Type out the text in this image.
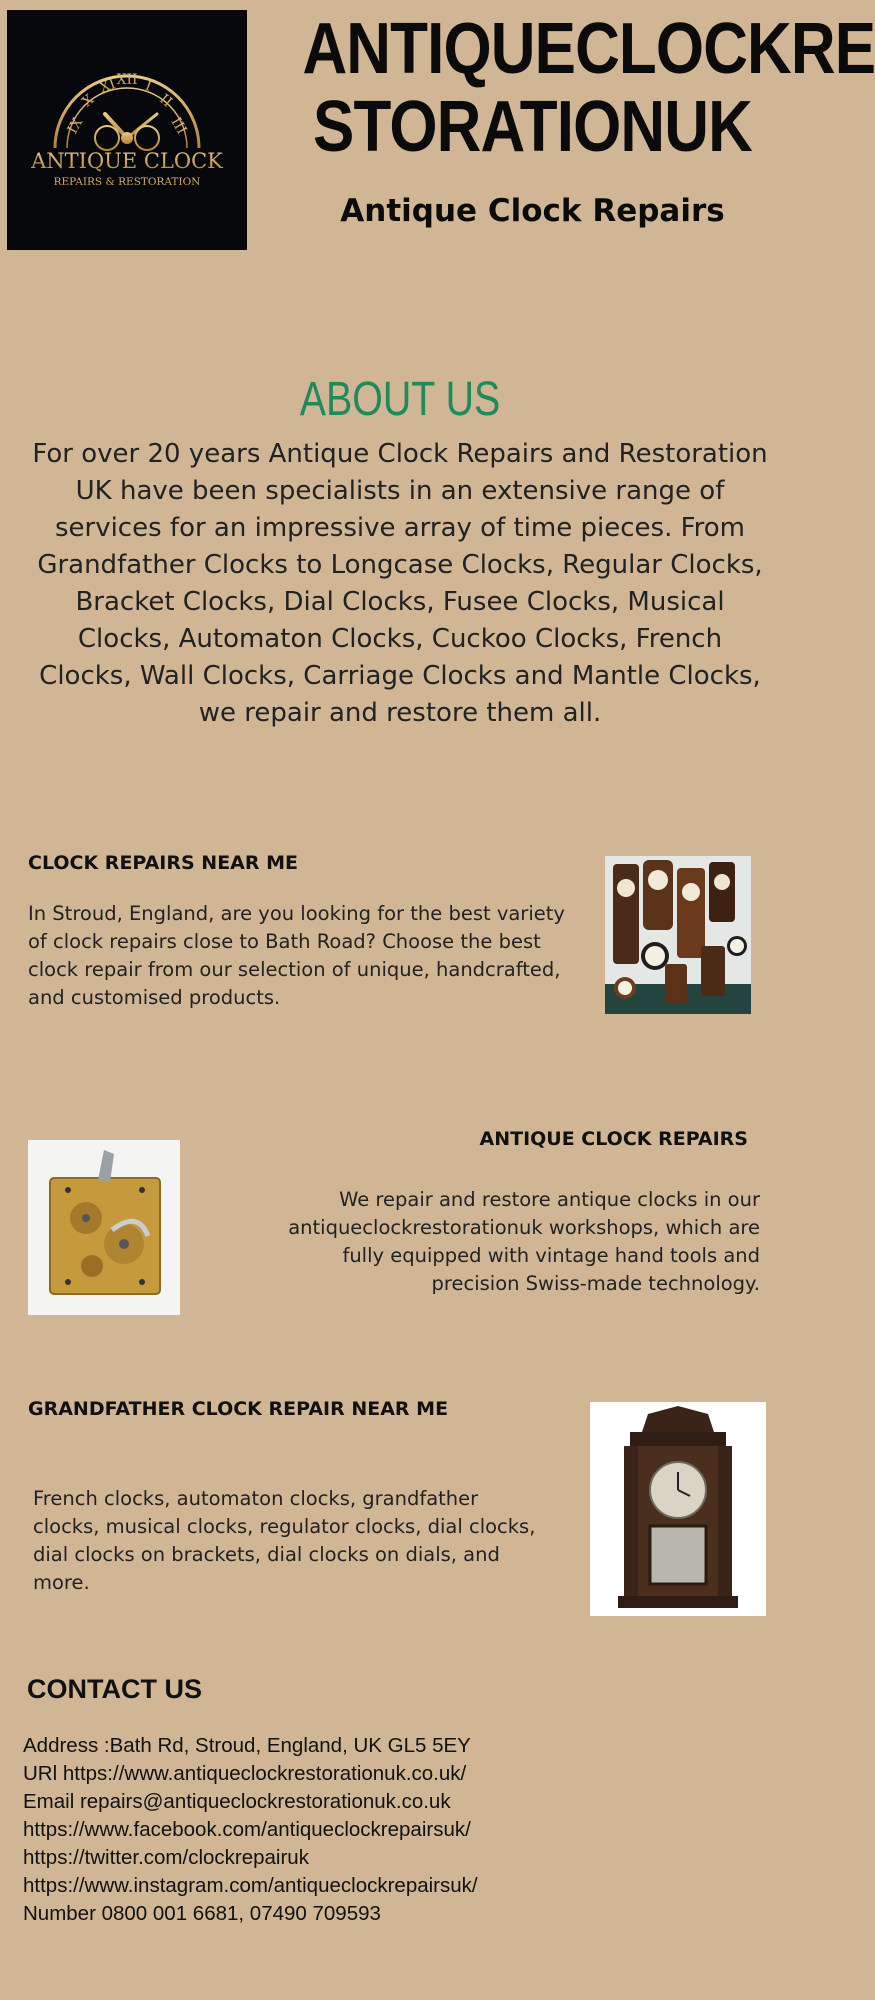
IX
X
XI
XII I
II
III
ANTIQUE CLOCK
REPAIRS & RESTORATION
ANTIQUECLOCKRE
STORATIONUK
Antique Clock Repairs
ABOUT US
For over 20 years Antique Clock Repairs and Restoration UK have been specialists in an extensive range of services for an impressive array of time pieces. From Grandfather Clocks to Longcase Clocks, Regular Clocks, Bracket Clocks, Dial Clocks, Fusee Clocks, Musical Clocks, Automaton Clocks, Cuckoo Clocks, French Clocks, Wall Clocks, Carriage Clocks and Mantle Clocks, we repair and restore them all.
CLOCK REPAIRS NEAR ME
In Stroud, England, are you looking for the best variety of clock repairs close to Bath Road? Choose the best clock repair from our selection of unique, handcrafted, and customised products.
ANTIQUE CLOCK REPAIRS
We repair and restore antique clocks in our antiqueclockrestorationuk workshops, which are fully equipped with vintage hand tools and precision Swiss-made technology.
GRANDFATHER CLOCK REPAIR NEAR ME
French clocks, automaton clocks, grandfather clocks, musical clocks, regulator clocks, dial clocks, dial clocks on brackets, dial clocks on dials, and more.
CONTACT US
Address :Bath Rd, Stroud, England, UK GL5 5EY
URl https://www.antiqueclockrestorationuk.co.uk/
Email repairs@antiqueclockrestorationuk.co.uk
https://www.facebook.com/antiqueclockrepairsuk/
https://twitter.com/clockrepairuk
https://www.instagram.com/antiqueclockrepairsuk/
Number 0800 001 6681, 07490 709593
